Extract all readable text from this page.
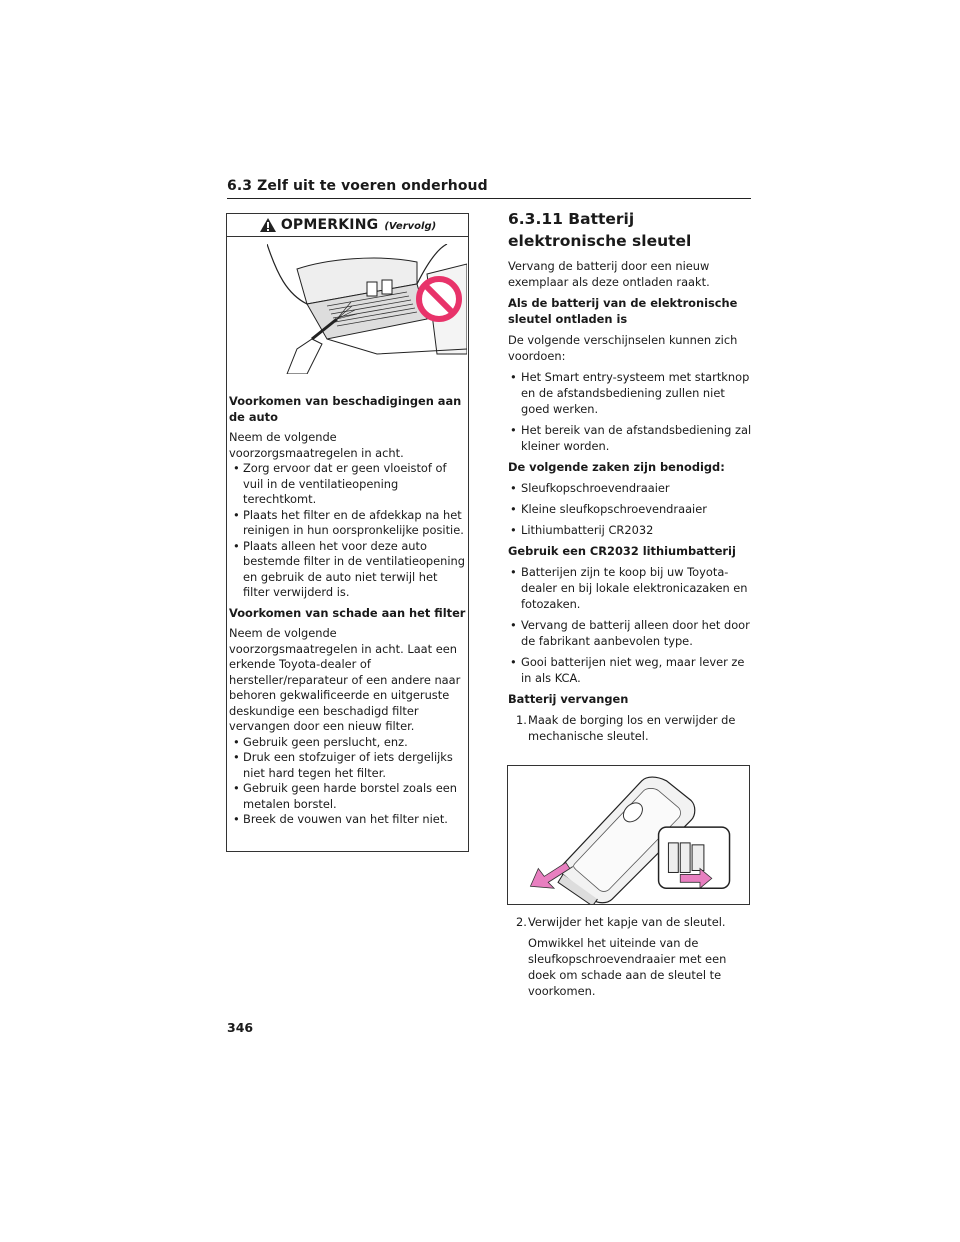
6.3 Zelf uit te voeren onderhoud
OPMERKING (Vervolg)

Voorkomen van beschadigingen aan de auto

Neem de volgende voorzorgsmaatregelen in acht.

• Zorg ervoor dat er geen vloeistof of vuil in de ventilatieopening terechtkomt.

• Plaats het filter en de afdekkap na het reinigen in hun oorspronkelijke positie.

• Plaats alleen het voor deze auto bestemde filter in de ventilatieopening en gebruik de auto niet terwijl het filter verwijderd is.

Voorkomen van schade aan het filter

Neem de volgende voorzorgsmaatregelen in acht. Laat een erkende Toyota-dealer of hersteller/reparateur of een andere naar behoren gekwalificeerde en uitgeruste deskundige een beschadigd filter vervangen door een nieuw filter.

• Gebruik geen perslucht, enz.

• Druk een stofzuiger of iets dergelijks niet hard tegen het filter.

• Gebruik geen harde borstel zoals een metalen borstel.

• Breek de vouwen van het filter niet.

6.3.11 Batterij elektronische sleutel

Vervang de batterij door een nieuw exemplaar als deze ontladen raakt.

Als de batterij van de elektronische sleutel ontladen is

De volgende verschijnselen kunnen zich voordoen:

• Het Smart entry-systeem met startknop en de afstandsbediening zullen niet goed werken.

• Het bereik van de afstandsbediening zal kleiner worden.

De volgende zaken zijn benodigd:

• Sleufkopschroevendraaier

• Kleine sleufkopschroevendraaier

• Lithiumbatterij CR2032

Gebruik een CR2032 lithiumbatterij

• Batterijen zijn te koop bij uw Toyota-dealer en bij lokale elektronicazaken en fotozaken.

• Vervang de batterij alleen door het door de fabrikant aanbevolen type.

• Gooi batterijen niet weg, maar lever ze in als KCA.

Batterij vervangen

1.Maak de borging los en verwijder de mechanische sleutel.

2.Verwijder het kapje van de sleutel.

Omwikkel het uiteinde van de sleufkopschroevendraaier met een doek om schade aan de sleutel te voorkomen.

346
